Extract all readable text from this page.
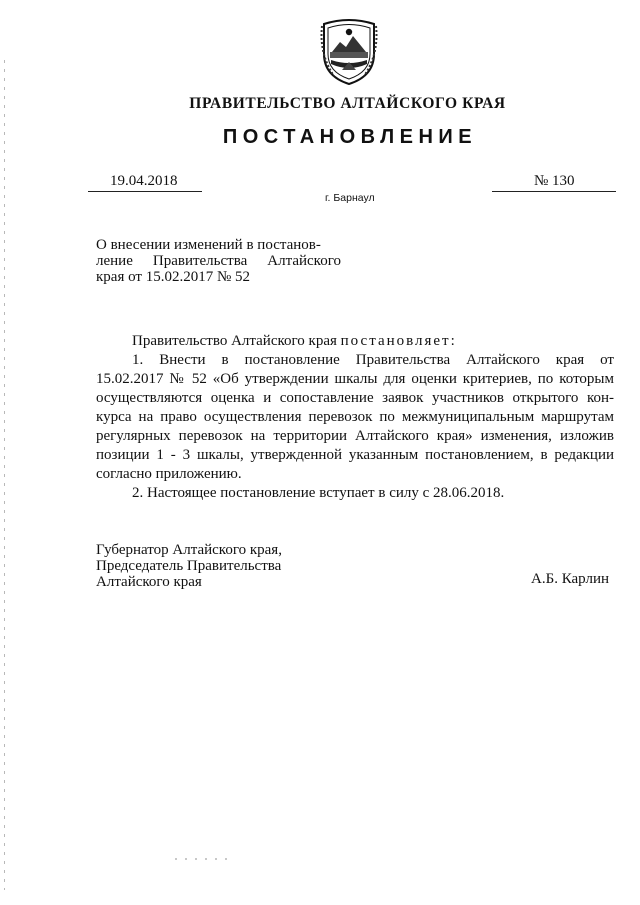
ПРАВИТЕЛЬСТВО АЛТАЙСКОГО КРАЯ
ПОСТАНОВЛЕНИЕ
19.04.2018	№ 130
г. Барнаул
О внесении изменений в постанов-
ление Правительства Алтайского
края от 15.02.2017 № 52
Правительство Алтайского края постановляет:
1. Внести в постановление Правительства Алтайского края от
15.02.2017 № 52 «Об утверждении шкалы для оценки критериев, по которым
осуществляются оценка и сопоставление заявок участников открытого кон-
курса на право осуществления перевозок по межмуниципальным маршрутам
регулярных перевозок на территории Алтайского края» изменения, изложив
позиции 1 - 3 шкалы, утвержденной указанным постановлением, в редакции
согласно приложению.
2. Настоящее постановление вступает в силу с 28.06.2018.
Губернатор Алтайского края,
Председатель Правительства
Алтайского края	А.Б. Карлин
